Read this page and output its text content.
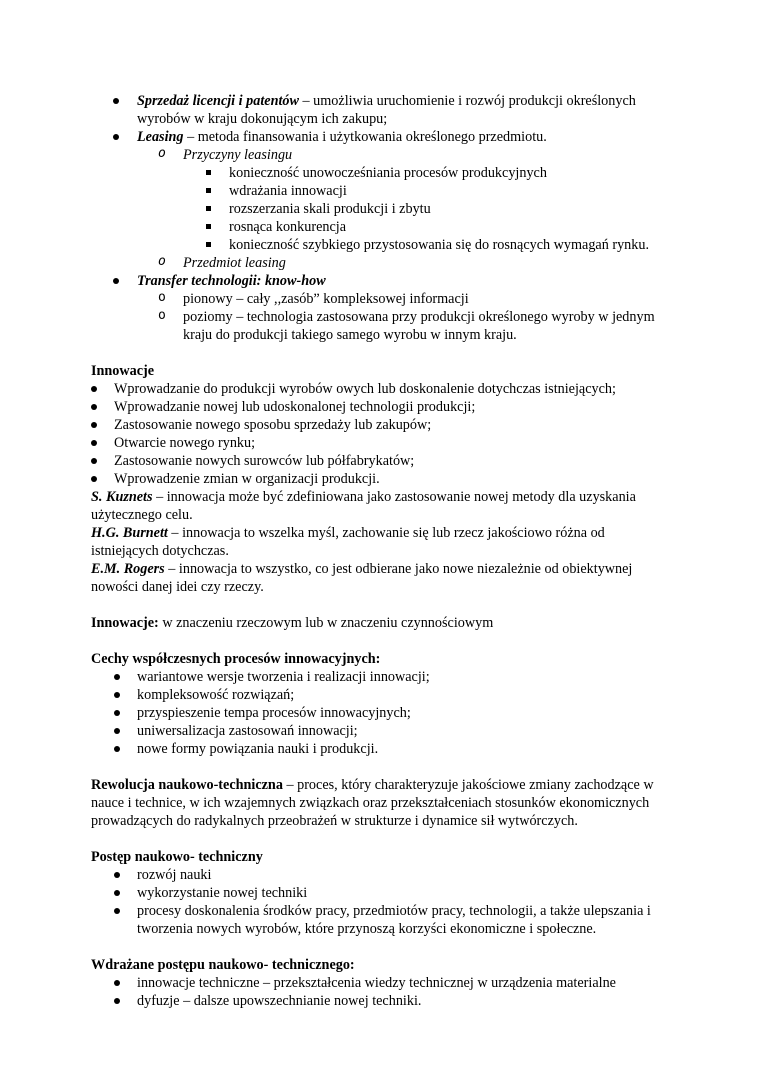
Sprzedaż licencji i patentów – umożliwia uruchomienie i rozwój produkcji określonych wyrobów w kraju dokonującym ich zakupu;
Leasing – metoda finansowania i użytkowania określonego przedmiotu.
o Przyczyny leasingu
konieczność unowocześniania procesów produkcyjnych
wdrażania innowacji
rozszerzania skali produkcji i zbytu
rosnąca konkurencja
konieczność szybkiego przystosowania się do rosnących wymagań rynku.
o Przedmiot leasing
Transfer technologii: know-how
o pionowy – cały ,,zasób” kompleksowej informacji
o poziomy – technologia zastosowana przy produkcji określonego wyroby w jednym kraju do produkcji takiego samego wyrobu w innym kraju.

Innowacje

Wprowadzanie do produkcji wyrobów owych lub doskonalenie dotychczas istniejących;
Wprowadzanie nowej lub udoskonalonej technologii produkcji;
Zastosowanie nowego sposobu sprzedaży lub zakupów;
Otwarcie nowego rynku;
Zastosowanie nowych surowców lub półfabrykatów;
Wprowadzenie zmian w organizacji produkcji.

S. Kuznets – innowacja może być zdefiniowana jako zastosowanie nowej metody dla uzyskania użytecznego celu.

H.G. Burnett – innowacja to wszelka myśl, zachowanie się lub rzecz jakościowo różna od istniejących dotychczas.

E.M. Rogers – innowacja to wszystko, co jest odbierane jako nowe niezależnie od obiektywnej nowości danej idei czy rzeczy.

Innowacje: w znaczeniu rzeczowym lub w znaczeniu czynnościowym

Cechy współczesnych procesów innowacyjnych:

wariantowe wersje tworzenia i realizacji innowacji;
kompleksowość rozwiązań;
przyspieszenie tempa procesów innowacyjnych;
uniwersalizacja zastosowań innowacji;
nowe formy powiązania nauki i produkcji.

Rewolucja naukowo-techniczna – proces, który charakteryzuje jakościowe zmiany zachodzące w nauce i technice, w ich wzajemnych związkach oraz przekształceniach stosunków ekonomicznych prowadzących do radykalnych przeobrażeń w strukturze i dynamice sił wytwórczych.

Postęp naukowo- techniczny

rozwój nauki
wykorzystanie nowej techniki
procesy doskonalenia środków pracy, przedmiotów pracy, technologii, a także ulepszania i tworzenia nowych wyrobów, które przynoszą korzyści ekonomiczne i społeczne.

Wdrażane postępu naukowo- technicznego:

innowacje techniczne – przekształcenia wiedzy technicznej w urządzenia materialne
dyfuzje – dalsze upowszechnianie nowej techniki.
